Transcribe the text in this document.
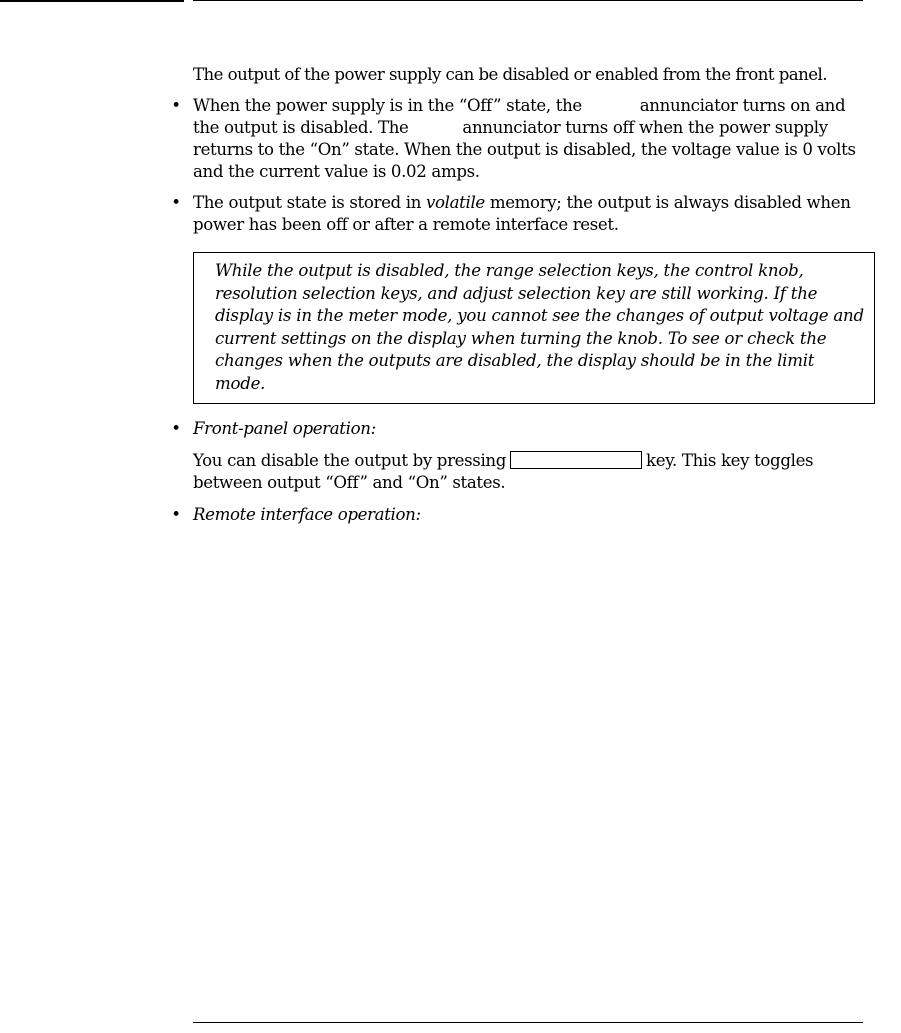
The output of the power supply can be disabled or enabled from the front panel.

• When the power supply is in the “Off” state, the	annunciator turns on and the output is disabled. The	annunciator turns off when the power supply returns to the “On” state. When the output is disabled, the voltage value is 0 volts and the current value is 0.02 amps.
• The output state is stored in volatile memory; the output is always disabled when power has been off or after a remote interface reset.
While the output is disabled, the range selection keys, the control knob, resolution selection keys, and adjust selection key are still working. If the display is in the meter mode, you cannot see the changes of output voltage and current settings on the display when turning the knob. To see or check the changes when the outputs are disabled, the display should be in the limit mode.
• Front-panel operation:

You can disable the output by pressing	key. This key toggles between output “Off” and “On” states.

• Remote interface operation:
